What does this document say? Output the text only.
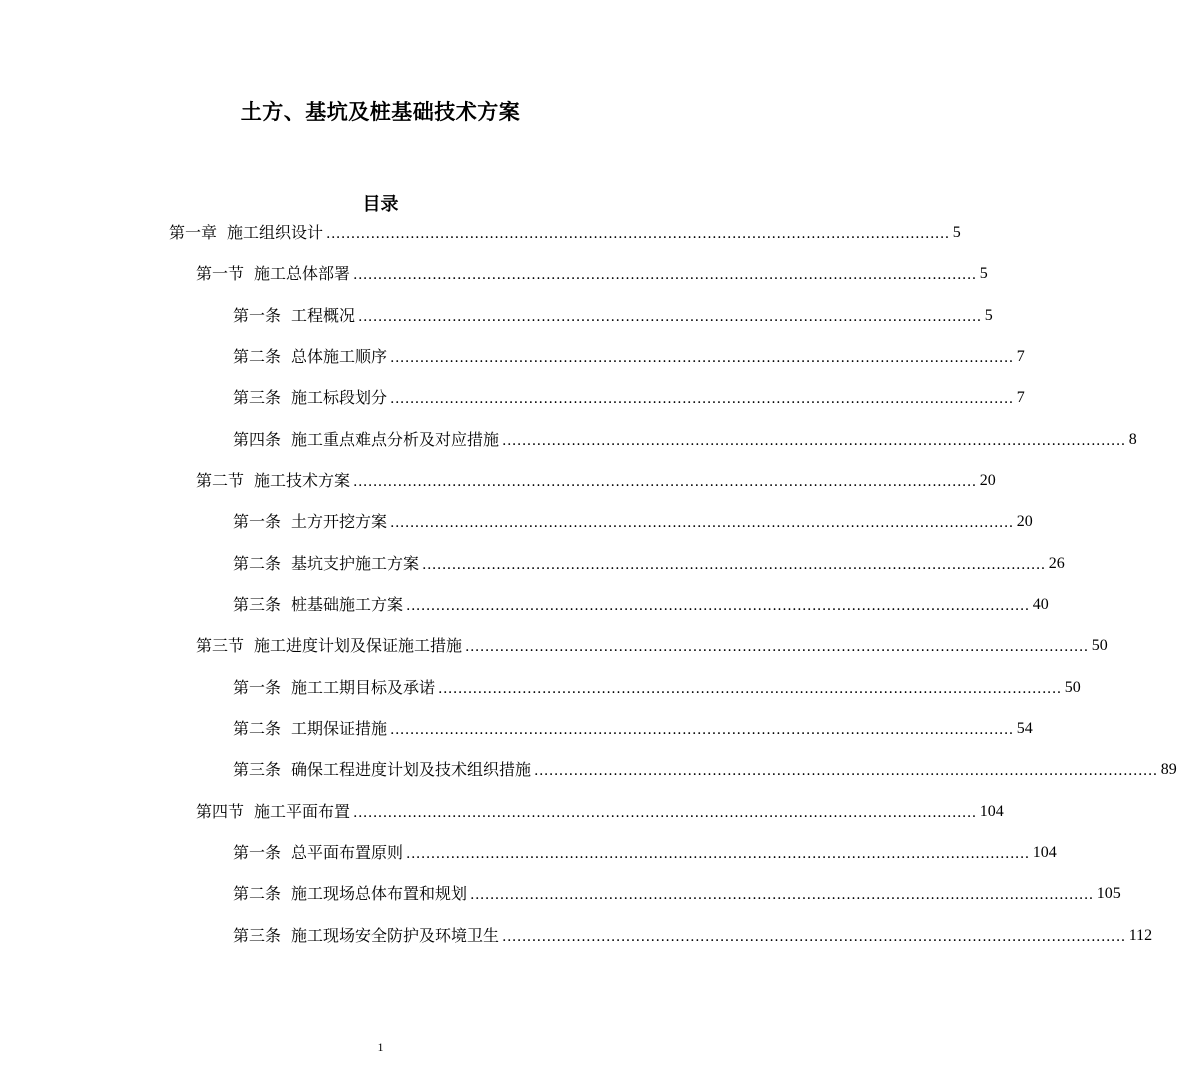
土方、基坑及桩基础技术方案
目录
第一章 施工组织设计 .............................................................................................................................. 5
第一节 施工总体部署 .............................................................................................................................. 5
第一条 工程概况 .............................................................................................................................. 5
第二条 总体施工顺序 .............................................................................................................................. 7
第三条 施工标段划分 .............................................................................................................................. 7
第四条 施工重点难点分析及对应措施 .............................................................................................................................. 8
第二节 施工技术方案 .............................................................................................................................. 20
第一条 土方开挖方案 .............................................................................................................................. 20
第二条 基坑支护施工方案 .............................................................................................................................. 26
第三条 桩基础施工方案 .............................................................................................................................. 40
第三节 施工进度计划及保证施工措施 .............................................................................................................................. 50
第一条 施工工期目标及承诺 .............................................................................................................................. 50
第二条 工期保证措施 .............................................................................................................................. 54
第三条 确保工程进度计划及技术组织措施 .............................................................................................................................. 89
第四节 施工平面布置 .............................................................................................................................. 104
第一条 总平面布置原则 .............................................................................................................................. 104
第二条 施工现场总体布置和规划 .............................................................................................................................. 105
第三条 施工现场安全防护及环境卫生 .............................................................................................................................. 112
1
